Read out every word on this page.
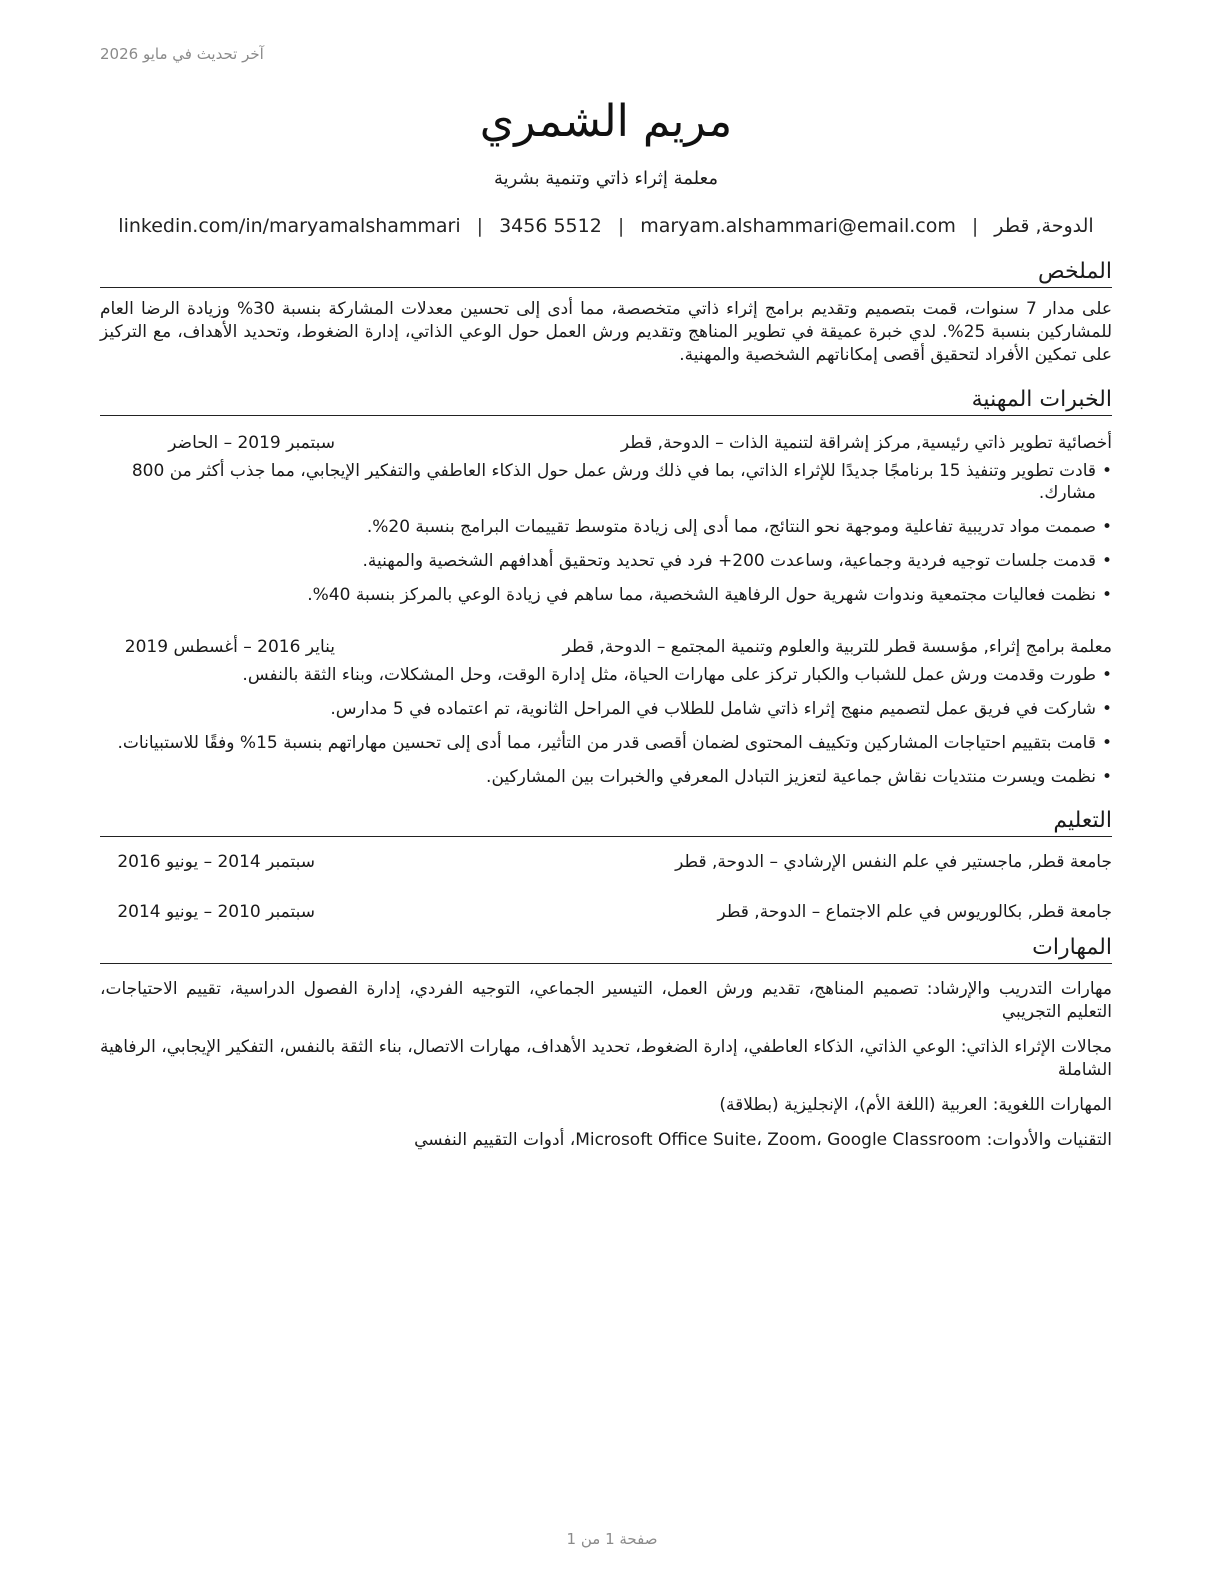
آخر تحديث في مايو 2026
مريم الشمري
معلمة إثراء ذاتي وتنمية بشرية
linkedin.com/in/maryamalshammari | 3456 5512 | maryam.alshammari@email.com | الدوحة, قطر
الملخص

على مدار 7 سنوات، قمت بتصميم وتقديم برامج إثراء ذاتي متخصصة، مما أدى إلى تحسين معدلات المشاركة بنسبة 30% وزيادة الرضا العام للمشاركين بنسبة 25%. لدي خبرة عميقة في تطوير المناهج وتقديم ورش العمل حول الوعي الذاتي، إدارة الضغوط، وتحديد الأهداف، مع التركيز على تمكين الأفراد لتحقيق أقصى إمكاناتهم الشخصية والمهنية.

الخبرات المهنية
أخصائية تطوير ذاتي رئيسية, مركز إشراقة لتنمية الذات – الدوحة, قطر
سبتمبر 2019 – الحاضر
• قادت تطوير وتنفيذ 15 برنامجًا جديدًا للإثراء الذاتي، بما في ذلك ورش عمل حول الذكاء العاطفي والتفكير الإيجابي، مما جذب أكثر من 800 مشارك.
• صممت مواد تدريبية تفاعلية وموجهة نحو النتائج، مما أدى إلى زيادة متوسط تقييمات البرامج بنسبة 20%.
• قدمت جلسات توجيه فردية وجماعية، وساعدت 200+ فرد في تحديد وتحقيق أهدافهم الشخصية والمهنية.
• نظمت فعاليات مجتمعية وندوات شهرية حول الرفاهية الشخصية، مما ساهم في زيادة الوعي بالمركز بنسبة 40%.
معلمة برامج إثراء, مؤسسة قطر للتربية والعلوم وتنمية المجتمع – الدوحة, قطر
يناير 2016 – أغسطس 2019
• طورت وقدمت ورش عمل للشباب والكبار تركز على مهارات الحياة، مثل إدارة الوقت، وحل المشكلات، وبناء الثقة بالنفس.
• شاركت في فريق عمل لتصميم منهج إثراء ذاتي شامل للطلاب في المراحل الثانوية، تم اعتماده في 5 مدارس.
• قامت بتقييم احتياجات المشاركين وتكييف المحتوى لضمان أقصى قدر من التأثير، مما أدى إلى تحسين مهاراتهم بنسبة 15% وفقًا للاستبيانات.
• نظمت ويسرت منتديات نقاش جماعية لتعزيز التبادل المعرفي والخبرات بين المشاركين.
التعليم
جامعة قطر, ماجستير في علم النفس الإرشادي – الدوحة, قطر
سبتمبر 2014 – يونيو 2016
جامعة قطر, بكالوريوس في علم الاجتماع – الدوحة, قطر
سبتمبر 2010 – يونيو 2014
المهارات
مهارات التدريب والإرشاد: تصميم المناهج، تقديم ورش العمل، التيسير الجماعي، التوجيه الفردي، إدارة الفصول الدراسية، تقييم الاحتياجات، التعليم التجريبي
مجالات الإثراء الذاتي: الوعي الذاتي، الذكاء العاطفي، إدارة الضغوط، تحديد الأهداف، مهارات الاتصال، بناء الثقة بالنفس، التفكير الإيجابي، الرفاهية الشاملة
المهارات اللغوية: العربية (اللغة الأم)، الإنجليزية (بطلاقة)
التقنيات والأدوات: Microsoft Office Suite، Zoom، Google Classroom، أدوات التقييم النفسي
صفحة 1 من 1
